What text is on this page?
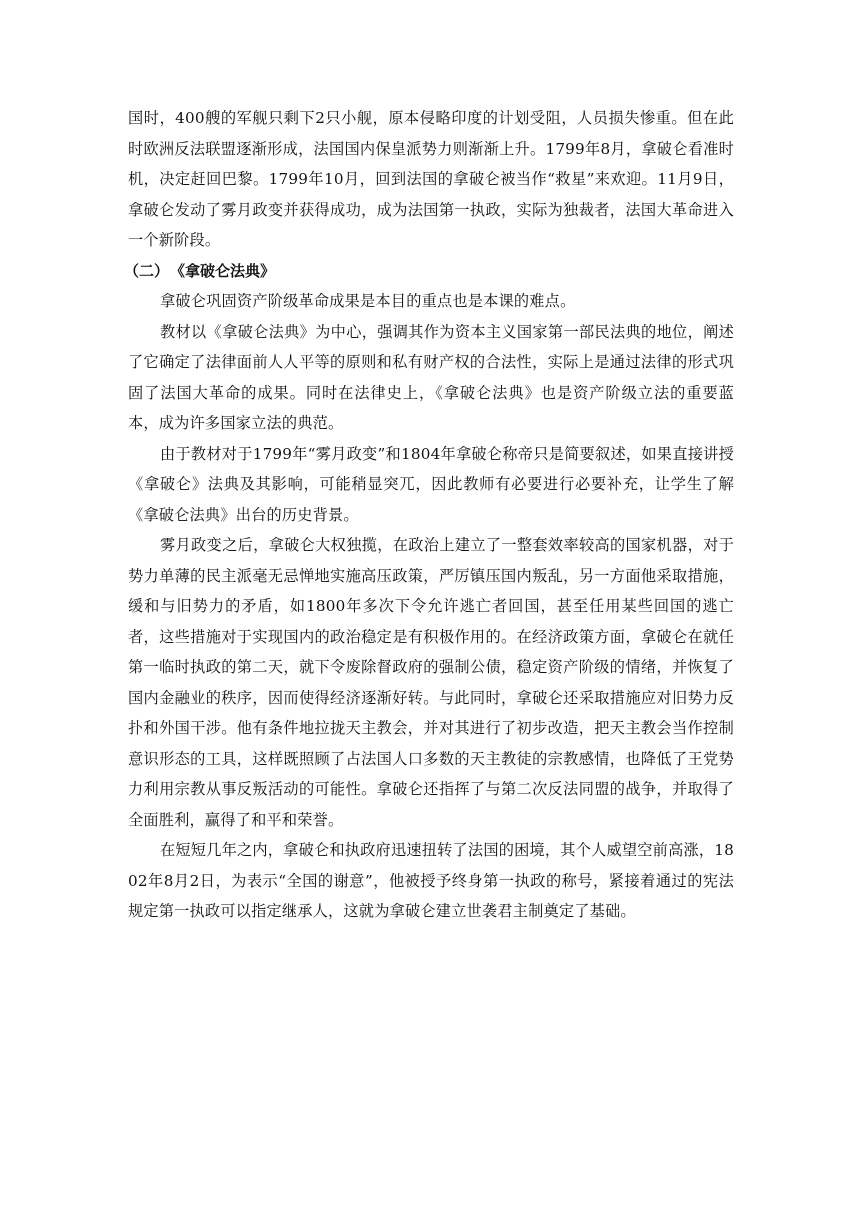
国时，400艘的军舰只剩下2只小舰，原本侵略印度的计划受阻，人员损失惨重。但在此时欧洲反法联盟逐渐形成，法国国内保皇派势力则渐渐上升。1799年8月，拿破仑看准时机，决定赶回巴黎。1799年10月，回到法国的拿破仑被当作“救星”来欢迎。11月9日，拿破仑发动了雾月政变并获得成功，成为法国第一执政，实际为独裁者，法国大革命进入一个新阶段。

（二）《拿破仑法典》

拿破仑巩固资产阶级革命成果是本目的重点也是本课的难点。

教材以《拿破仑法典》为中心，强调其作为资本主义国家第一部民法典的地位，阐述了它确定了法律面前人人平等的原则和私有财产权的合法性，实际上是通过法律的形式巩固了法国大革命的成果。同时在法律史上，《拿破仑法典》也是资产阶级立法的重要蓝本，成为许多国家立法的典范。

由于教材对于1799年“雾月政变”和1804年拿破仑称帝只是简要叙述，如果直接讲授《拿破仑》法典及其影响，可能稍显突兀，因此教师有必要进行必要补充，让学生了解《拿破仑法典》出台的历史背景。

雾月政变之后，拿破仑大权独揽，在政治上建立了一整套效率较高的国家机器，对于势力单薄的民主派毫无忌惮地实施高压政策，严厉镇压国内叛乱，另一方面他采取措施，缓和与旧势力的矛盾，如1800年多次下令允许逃亡者回国，甚至任用某些回国的逃亡者，这些措施对于实现国内的政治稳定是有积极作用的。在经济政策方面，拿破仑在就任第一临时执政的第二天，就下令废除督政府的强制公债，稳定资产阶级的情绪，并恢复了国内金融业的秩序，因而使得经济逐渐好转。与此同时，拿破仑还采取措施应对旧势力反扑和外国干涉。他有条件地拉拢天主教会，并对其进行了初步改造，把天主教会当作控制意识形态的工具，这样既照顾了占法国人口多数的天主教徒的宗教感情，也降低了王党势力利用宗教从事反叛活动的可能性。拿破仑还指挥了与第二次反法同盟的战争，并取得了全面胜利，赢得了和平和荣誉。

在短短几年之内，拿破仑和执政府迅速扭转了法国的困境，其个人威望空前高涨，1802年8月2日，为表示“全国的谢意”，他被授予终身第一执政的称号，紧接着通过的宪法规定第一执政可以指定继承人，这就为拿破仑建立世袭君主制奠定了基础。
